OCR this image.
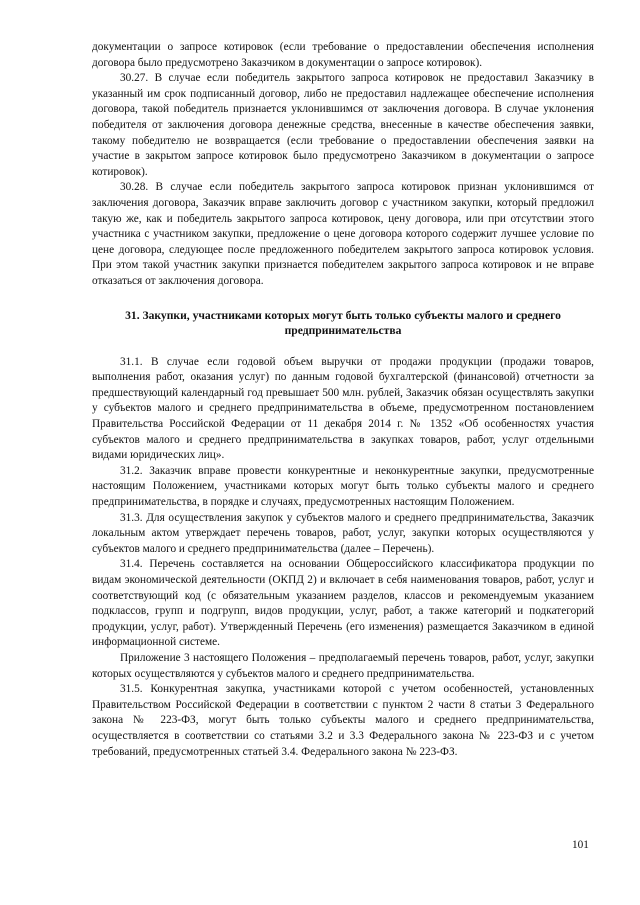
документации о запросе котировок (если требование о предоставлении обеспечения исполнения договора было предусмотрено Заказчиком в документации о запросе котировок).

30.27. В случае если победитель закрытого запроса котировок не предоставил Заказчику в указанный им срок подписанный договор, либо не предоставил надлежащее обеспечение исполнения договора, такой победитель признается уклонившимся от заключения договора. В случае уклонения победителя от заключения договора денежные средства, внесенные в качестве обеспечения заявки, такому победителю не возвращается (если требование о предоставлении обеспечения заявки на участие в закрытом запросе котировок было предусмотрено Заказчиком в документации о запросе котировок).

30.28. В случае если победитель закрытого запроса котировок признан уклонившимся от заключения договора, Заказчик вправе заключить договор с участником закупки, который предложил такую же, как и победитель закрытого запроса котировок, цену договора, или при отсутствии этого участника с участником закупки, предложение о цене договора которого содержит лучшее условие по цене договора, следующее после предложенного победителем закрытого запроса котировок условия. При этом такой участник закупки признается победителем закрытого запроса котировок и не вправе отказаться от заключения договора.

31. Закупки, участниками которых могут быть только субъекты малого и среднего предпринимательства

31.1. В случае если годовой объем выручки от продажи продукции (продажи товаров, выполнения работ, оказания услуг) по данным годовой бухгалтерской (финансовой) отчетности за предшествующий календарный год превышает 500 млн. рублей, Заказчик обязан осуществлять закупки у субъектов малого и среднего предпринимательства в объеме, предусмотренном постановлением Правительства Российской Федерации от 11 декабря 2014 г. № 1352 «Об особенностях участия субъектов малого и среднего предпринимательства в закупках товаров, работ, услуг отдельными видами юридических лиц».

31.2. Заказчик вправе провести конкурентные и неконкурентные закупки, предусмотренные настоящим Положением, участниками которых могут быть только субъекты малого и среднего предпринимательства, в порядке и случаях, предусмотренных настоящим Положением.

31.3. Для осуществления закупок у субъектов малого и среднего предпринимательства, Заказчик локальным актом утверждает перечень товаров, работ, услуг, закупки которых осуществляются у субъектов малого и среднего предпринимательства (далее – Перечень).

31.4. Перечень составляется на основании Общероссийского классификатора продукции по видам экономической деятельности (ОКПД 2) и включает в себя наименования товаров, работ, услуг и соответствующий код (с обязательным указанием разделов, классов и рекомендуемым указанием подклассов, групп и подгрупп, видов продукции, услуг, работ, а также категорий и подкатегорий продукции, услуг, работ). Утвержденный Перечень (его изменения) размещается Заказчиком в единой информационной системе.

Приложение 3 настоящего Положения – предполагаемый перечень товаров, работ, услуг, закупки которых осуществляются у субъектов малого и среднего предпринимательства.

31.5. Конкурентная закупка, участниками которой с учетом особенностей, установленных Правительством Российской Федерации в соответствии с пунктом 2 части 8 статьи 3 Федерального закона № 223-ФЗ, могут быть только субъекты малого и среднего предпринимательства, осуществляется в соответствии со статьями 3.2 и 3.3 Федерального закона № 223-ФЗ и с учетом требований, предусмотренных статьей 3.4. Федерального закона № 223-ФЗ.

101
